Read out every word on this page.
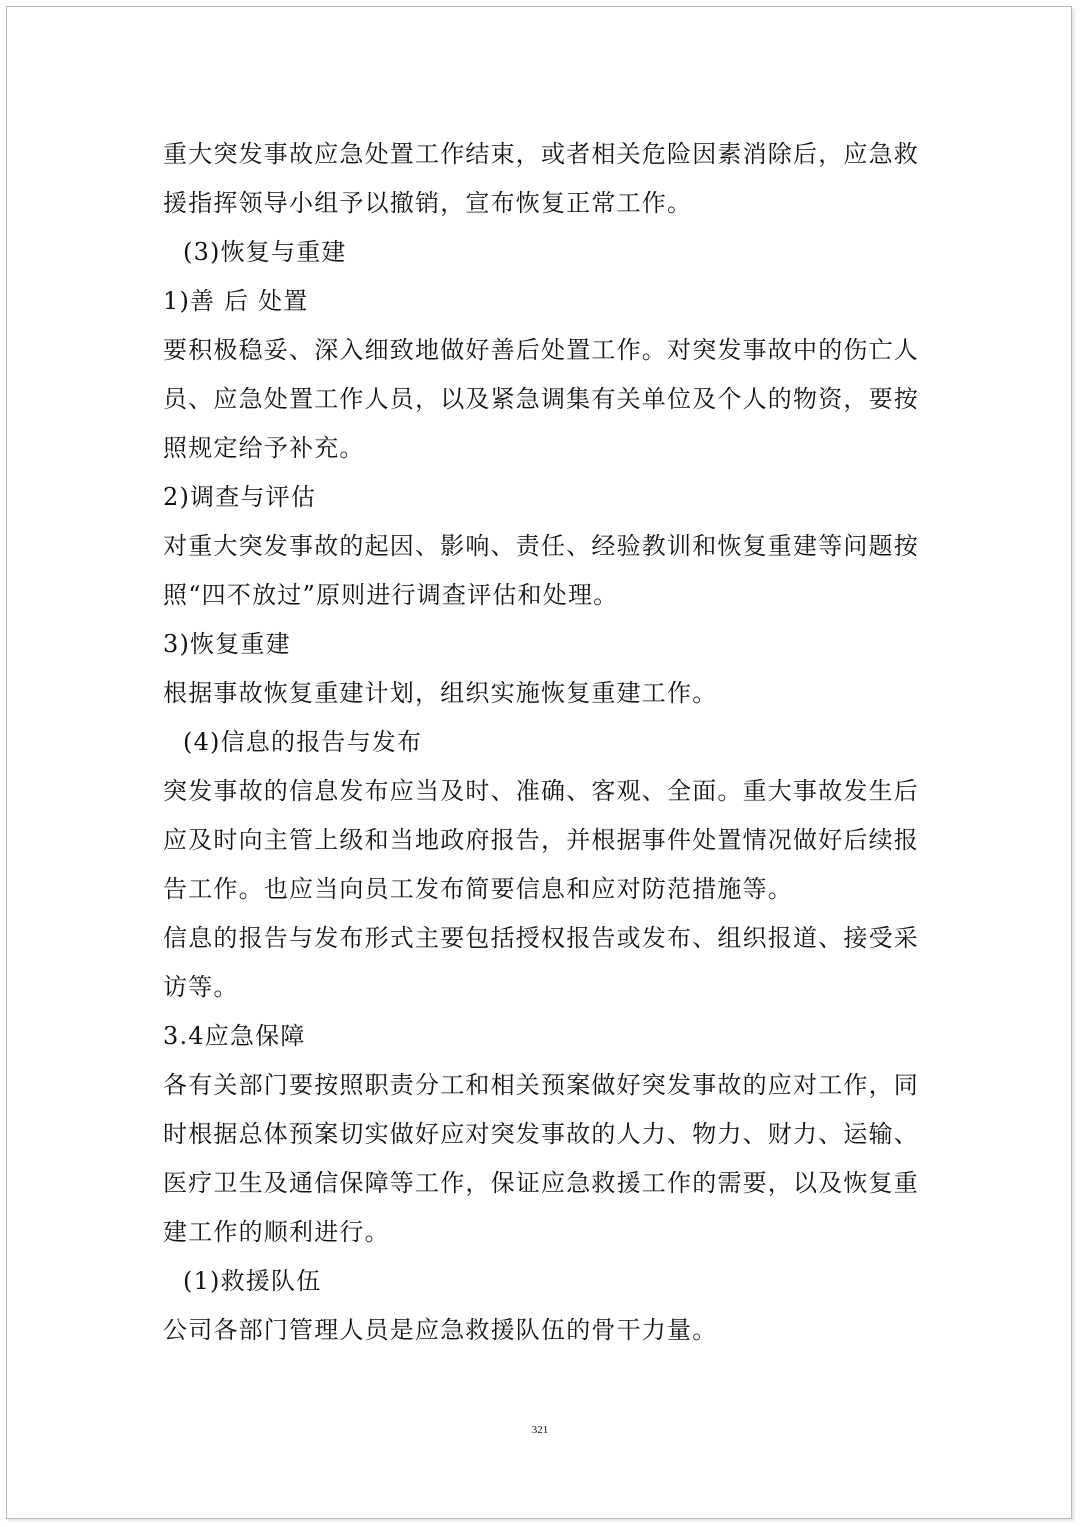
重大突发事故应急处置工作结束，或者相关危险因素消除后，应急救
援指挥领导小组予以撤销，宣布恢复正常工作。
(3)恢复与重建
1)善 后 处置
要积极稳妥、深入细致地做好善后处置工作。对突发事故中的伤亡人
员、应急处置工作人员，以及紧急调集有关单位及个人的物资，要按
照规定给予补充。
2)调查与评估
对重大突发事故的起因、影响、责任、经验教训和恢复重建等问题按
照“四不放过”原则进行调查评估和处理。
3)恢复重建
根据事故恢复重建计划，组织实施恢复重建工作。
(4)信息的报告与发布
突发事故的信息发布应当及时、准确、客观、全面。重大事故发生后
应及时向主管上级和当地政府报告，并根据事件处置情况做好后续报
告工作。也应当向员工发布简要信息和应对防范措施等。
信息的报告与发布形式主要包括授权报告或发布、组织报道、接受采
访等。
3.4应急保障
各有关部门要按照职责分工和相关预案做好突发事故的应对工作，同
时根据总体预案切实做好应对突发事故的人力、物力、财力、运输、
医疗卫生及通信保障等工作，保证应急救援工作的需要，以及恢复重
建工作的顺利进行。
(1)救援队伍
公司各部门管理人员是应急救援队伍的骨干力量。
321
